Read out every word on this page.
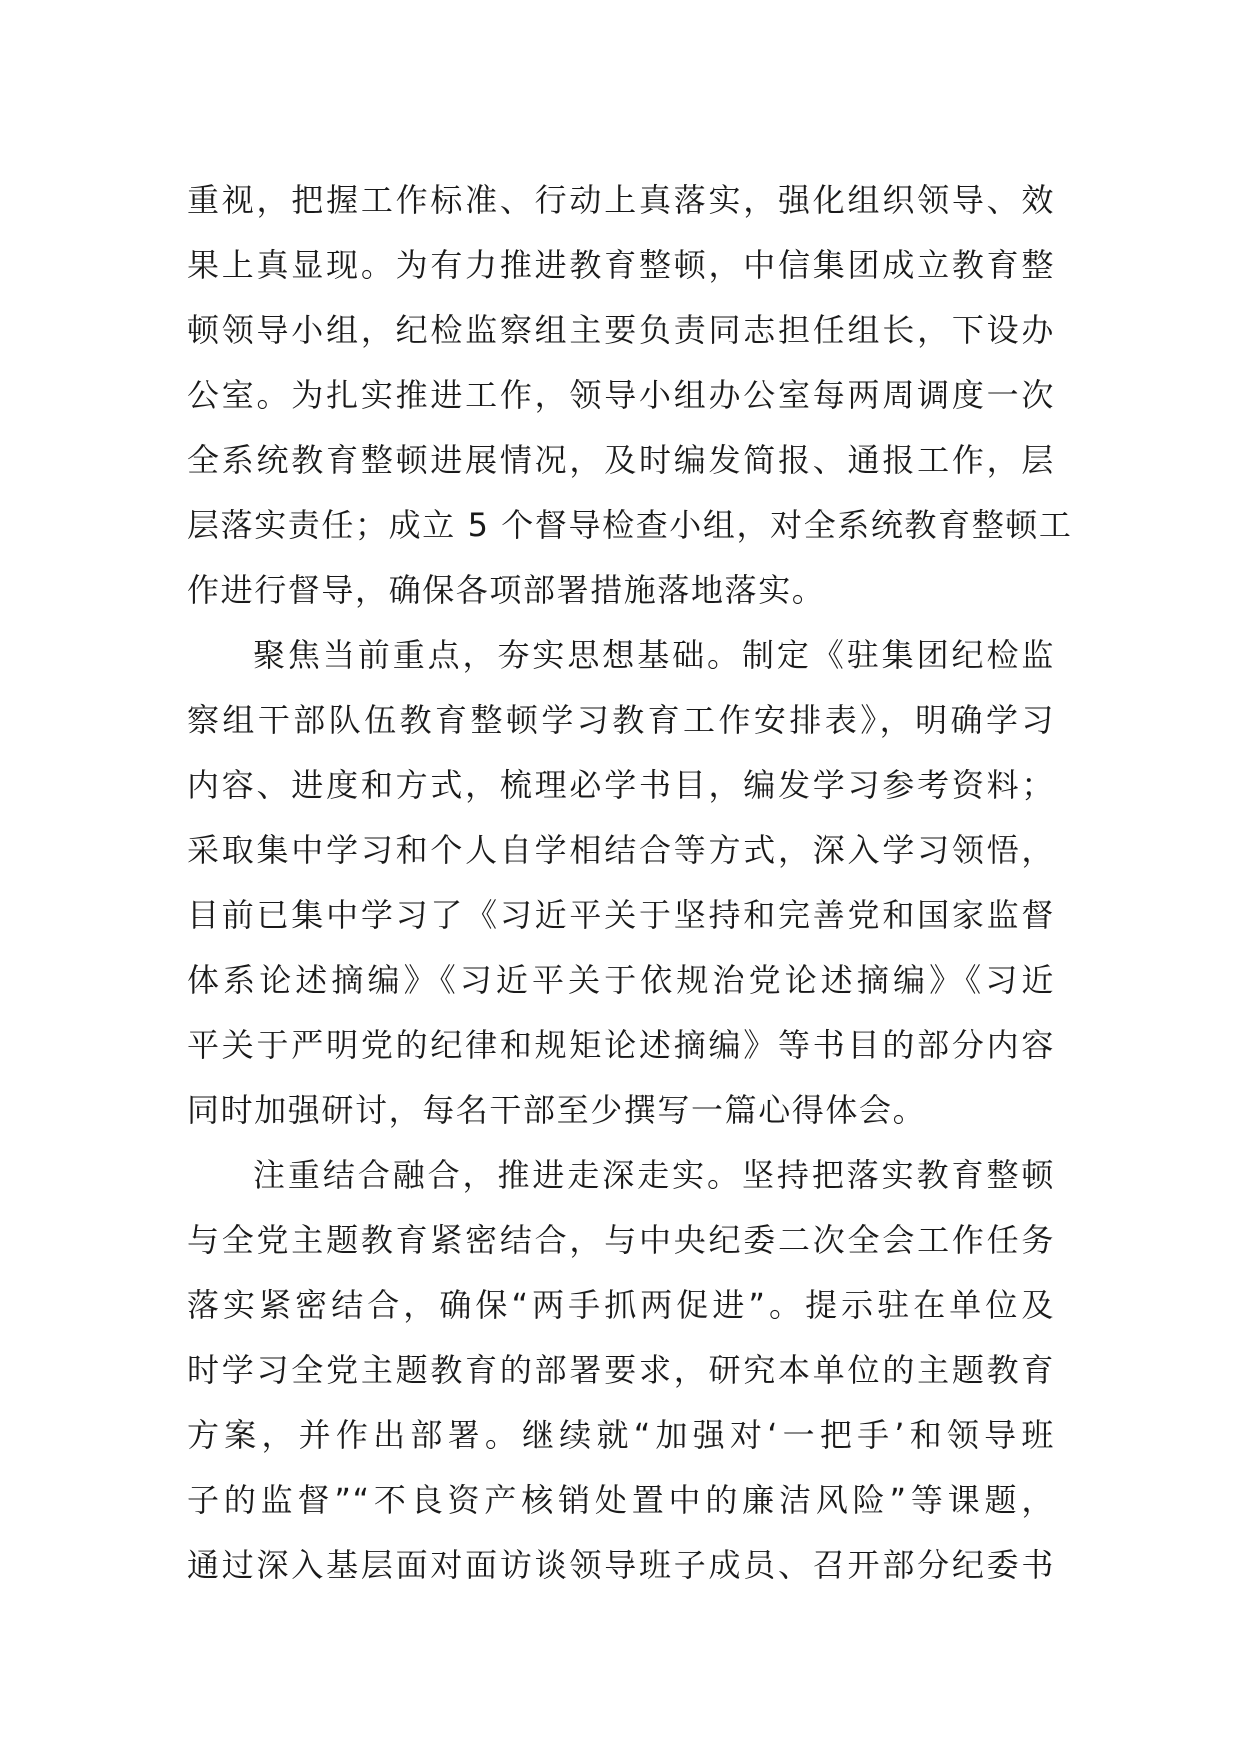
重视，把握工作标准、行动上真落实，强化组织领导、效
果上真显现。为有力推进教育整顿，中信集团成立教育整
顿领导小组，纪检监察组主要负责同志担任组长，下设办
公室。为扎实推进工作，领导小组办公室每两周调度一次
全系统教育整顿进展情况，及时编发简报、通报工作，层
层落实责任；成立 5 个督导检查小组，对全系统教育整顿工
作进行督导，确保各项部署措施落地落实。
聚焦当前重点，夯实思想基础。制定《驻集团纪检监
察组干部队伍教育整顿学习教育工作安排表》，明确学习
内容、进度和方式，梳理必学书目，编发学习参考资料；
采取集中学习和个人自学相结合等方式，深入学习领悟，
目前已集中学习了《习近平关于坚持和完善党和国家监督
体系论述摘编》《习近平关于依规治党论述摘编》《习近
平关于严明党的纪律和规矩论述摘编》等书目的部分内容
同时加强研讨，每名干部至少撰写一篇心得体会。
注重结合融合，推进走深走实。坚持把落实教育整顿
与全党主题教育紧密结合，与中央纪委二次全会工作任务
落实紧密结合，确保“两手抓两促进”。提示驻在单位及
时学习全党主题教育的部署要求，研究本单位的主题教育
方案，并作出部署。继续就“加强对‘一把手’和领导班
子的监督”“不良资产核销处置中的廉洁风险”等课题，
通过深入基层面对面访谈领导班子成员、召开部分纪委书
